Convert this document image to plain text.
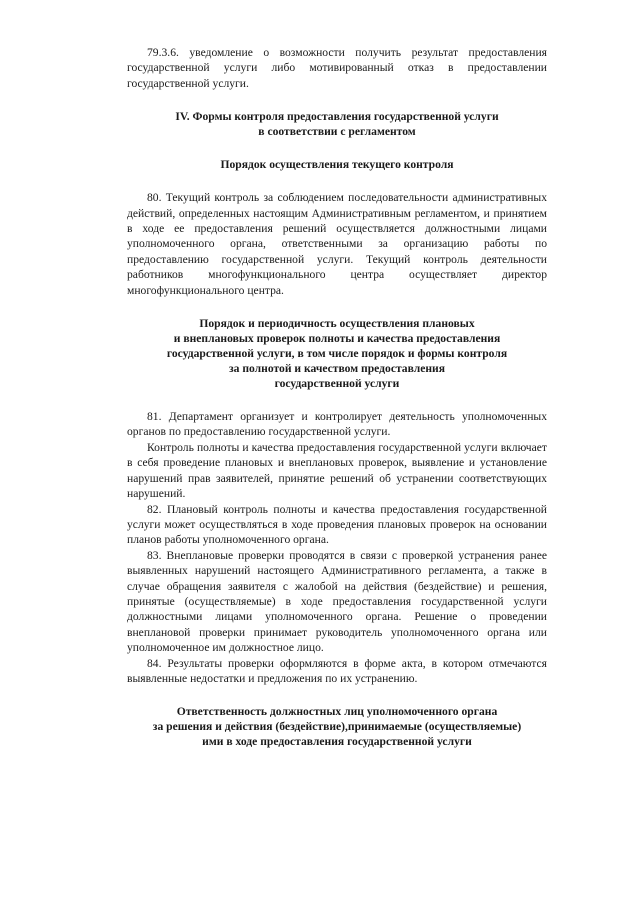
79.3.6. уведомление о возможности получить результат предоставления государственной услуги либо мотивированный отказ в предоставлении государственной услуги.

IV. Формы контроля предоставления государственной услуги
в соответствии с регламентом
Порядок осуществления текущего контроля

80. Текущий контроль за соблюдением последовательности административных действий, определенных настоящим Административным регламентом, и принятием в ходе ее предоставления решений осуществляется должностными лицами уполномоченного органа, ответственными за организацию работы по предоставлению государственной услуги. Текущий контроль деятельности работников многофункционального центра осуществляет директор многофункционального центра.

Порядок и периодичность осуществления плановых
и внеплановых проверок полноты и качества предоставления
государственной услуги, в том числе порядок и формы контроля
за полнотой и качеством предоставления
государственной услуги

81. Департамент организует и контролирует деятельность уполномоченных органов по предоставлению государственной услуги.

Контроль полноты и качества предоставления государственной услуги включает в себя проведение плановых и внеплановых проверок, выявление и установление нарушений прав заявителей, принятие решений об устранении соответствующих нарушений.

82. Плановый контроль полноты и качества предоставления государственной услуги может осуществляться в ходе проведения плановых проверок на основании планов работы уполномоченного органа.

83. Внеплановые проверки проводятся в связи с проверкой устранения ранее выявленных нарушений настоящего Административного регламента, а также в случае обращения заявителя с жалобой на действия (бездействие) и решения, принятые (осуществляемые) в ходе предоставления государственной услуги должностными лицами уполномоченного органа. Решение о проведении внеплановой проверки принимает руководитель уполномоченного органа или уполномоченное им должностное лицо.

84. Результаты проверки оформляются в форме акта, в котором отмечаются выявленные недостатки и предложения по их устранению.

Ответственность должностных лиц уполномоченного органа
за решения и действия (бездействие),принимаемые (осуществляемые)
ими в ходе предоставления государственной услуги
